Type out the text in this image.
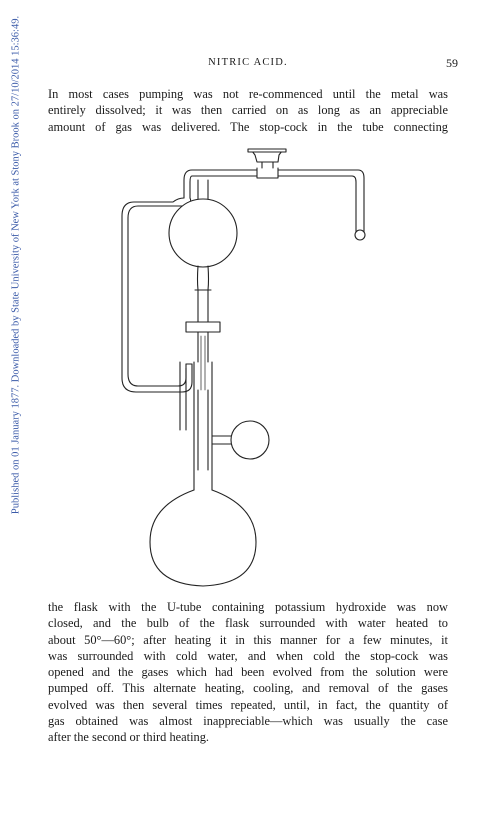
Published on 01 January 1877. Downloaded by State University of New York at Stony Brook on 27/10/2014 15:36:49.	NITRIC ACID.	59

In most cases pumping was not re-commenced until the metal was
entirely dissolved; it was then carried on as long as an appreciable
amount of gas was delivered. The stop-cock in the tube connecting

the flask with the U-tube containing potassium hydroxide was now
closed, and the bulb of the flask surrounded with water heated to
about 50°—60°; after heating it in this manner for a few minutes, it
was surrounded with cold water, and when cold the stop-cock was
opened and the gases which had been evolved from the solution were
pumped off. This alternate heating, cooling, and removal of the gases
evolved was then several times repeated, until, in fact, the quantity of
gas obtained was almost inappreciable—which was usually the case
after the second or third heating.
